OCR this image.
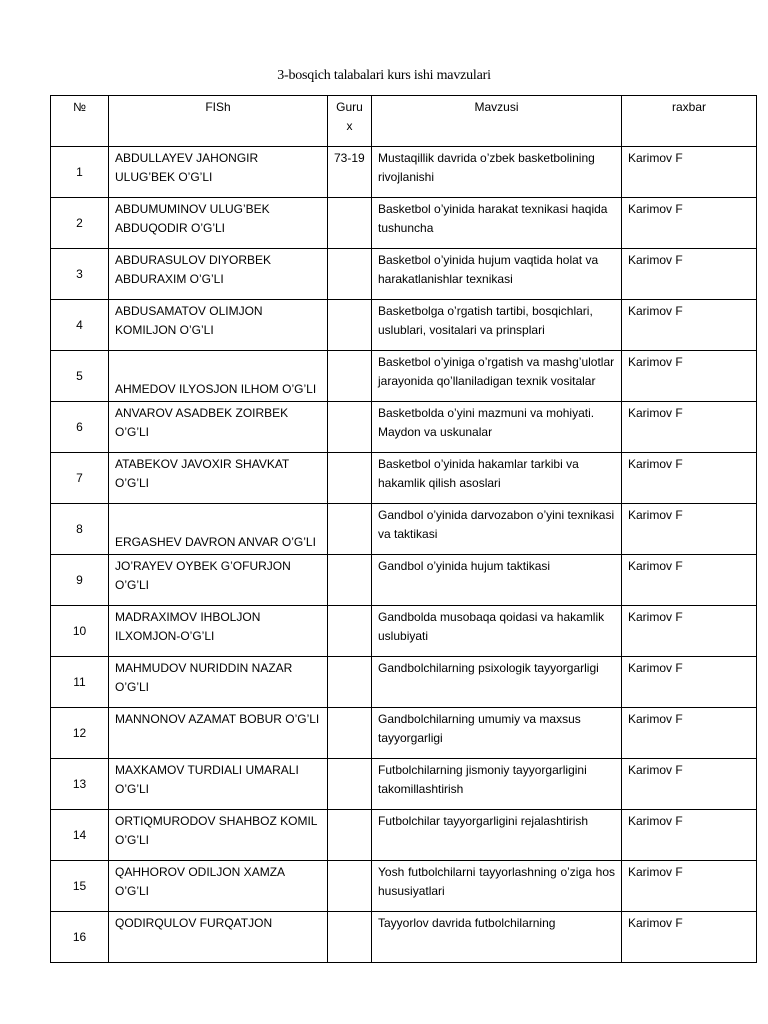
3-bosqich talabalari kurs ishi mavzulari
№	FISh	Gurux	Mavzusi	raxbar
1	ABDULLAYEV JAHONGIR ULUG’BEK O’G’LI	73-19	Mustaqillik davrida o’zbek basketbolining rivojlanishi	Karimov F
2	ABDUMUMINOV ULUG’BEK ABDUQODIR O’G’LI		Basketbol o’yinida harakat texnikasi haqida tushuncha	Karimov F
3	ABDURASULOV DIYORBEK ABDURAXIM O’G’LI		Basketbol o’yinida hujum vaqtida holat va harakatlanishlar texnikasi	Karimov F
4	ABDUSAMATOV OLIMJON KOMILJON O’G’LI		Basketbolga o’rgatish tartibi, bosqichlari, uslublari, vositalari va prinsplari	Karimov F
5	AHMEDOV ILYOSJON ILHOM O’G’LI		Basketbol o’yiniga o’rgatish va mashg’ulotlar jarayonida qo’llaniladigan texnik vositalar	Karimov F
6	ANVAROV ASADBEK ZOIRBEK O’G’LI		Basketbolda o’yini mazmuni va mohiyati. Maydon va uskunalar	Karimov F
7	ATABEKOV JAVOXIR SHAVKAT O’G’LI		Basketbol o’yinida hakamlar tarkibi va hakamlik qilish asoslari	Karimov F
8	ERGASHEV DAVRON ANVAR O’G’LI		Gandbol o’yinida darvozabon o’yini texnikasi va taktikasi	Karimov F
9	JO’RAYEV OYBEK G’OFURJON O’G’LI		Gandbol o’yinida hujum taktikasi	Karimov F
10	MADRAXIMOV IHBOLJON ILXOMJON-O’G’LI		Gandbolda musobaqa qoidasi va hakamlik uslubiyati	Karimov F
11	MAHMUDOV NURIDDIN NAZAR O’G’LI		Gandbolchilarning psixologik tayyorgarligi	Karimov F
12	MANNONOV AZAMAT BOBUR O’G’LI		Gandbolchilarning umumiy va maxsus tayyorgarligi	Karimov F
13	MAXKAMOV TURDIALI UMARALI O’G’LI		Futbolchilarning jismoniy tayyorgarligini takomillashtirish	Karimov F
14	ORTIQMURODOV SHAHBOZ KOMIL O’G’LI		Futbolchilar tayyorgarligini rejalashtirish	Karimov F
15	QAHHOROV ODILJON XAMZA O’G’LI		Yosh futbolchilarni tayyorlashning o’ziga hos hususiyatlari	Karimov F
16	QODIRQULOV FURQATJON		Tayyorlov davrida futbolchilarning	Karimov F
